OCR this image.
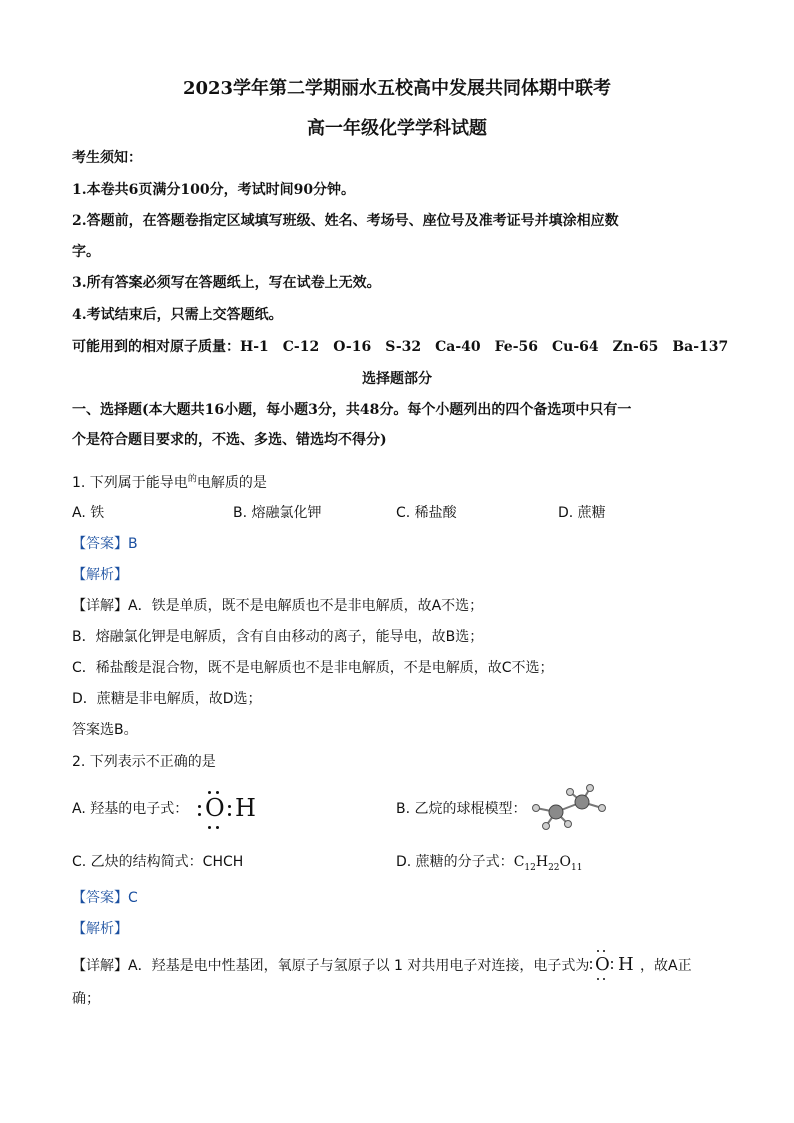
2023学年第二学期丽水五校高中发展共同体期中联考
高一年级化学学科试题
考生须知：
1.本卷共6页满分100分，考试时间90分钟。
2.答题前，在答题卷指定区域填写班级、姓名、考场号、座位号及准考证号并填涂相应数
字。
3.所有答案必须写在答题纸上，写在试卷上无效。
4.考试结束后，只需上交答题纸。
可能用到的相对原子质量：H-1　C-12　O-16　S-32　Ca-40　Fe-56　Cu-64　Zn-65　Ba-137
选择题部分
一、选择题(本大题共16小题，每小题3分，共48分。每个小题列出的四个备选项中只有一
个是符合题目要求的，不选、多选、错选均不得分)
1. 下列属于能导电$^的$电解质的是
A. 铁	B. 熔融氯化钾	C. 稀盐酸	D. 蔗糖
【答案】B
【解析】
【详解】A．铁是单质，既不是电解质也不是非电解质，故A不选；
B．熔融氯化钾是电解质，含有自由移动的离子，能导电，故B选；
C．稀盐酸是混合物，既不是电解质也不是非电解质，不是电解质，故C不选；
D．蔗糖是非电解质，故D选；
答案选B。
2. 下列表示不正确的是
A. 羟基的电子式： O H	B. 乙烷的球棍模型：
C. 乙炔的结构简式：CHCH	D. 蔗糖的分子式：$C_{12}H_{22}O_{11}$
【答案】C
【解析】
【详解】A．羟基是电中性基团，氧原子与氢原子以 1 对共用电子对连接，电子式为 O H ，故A正
确；
